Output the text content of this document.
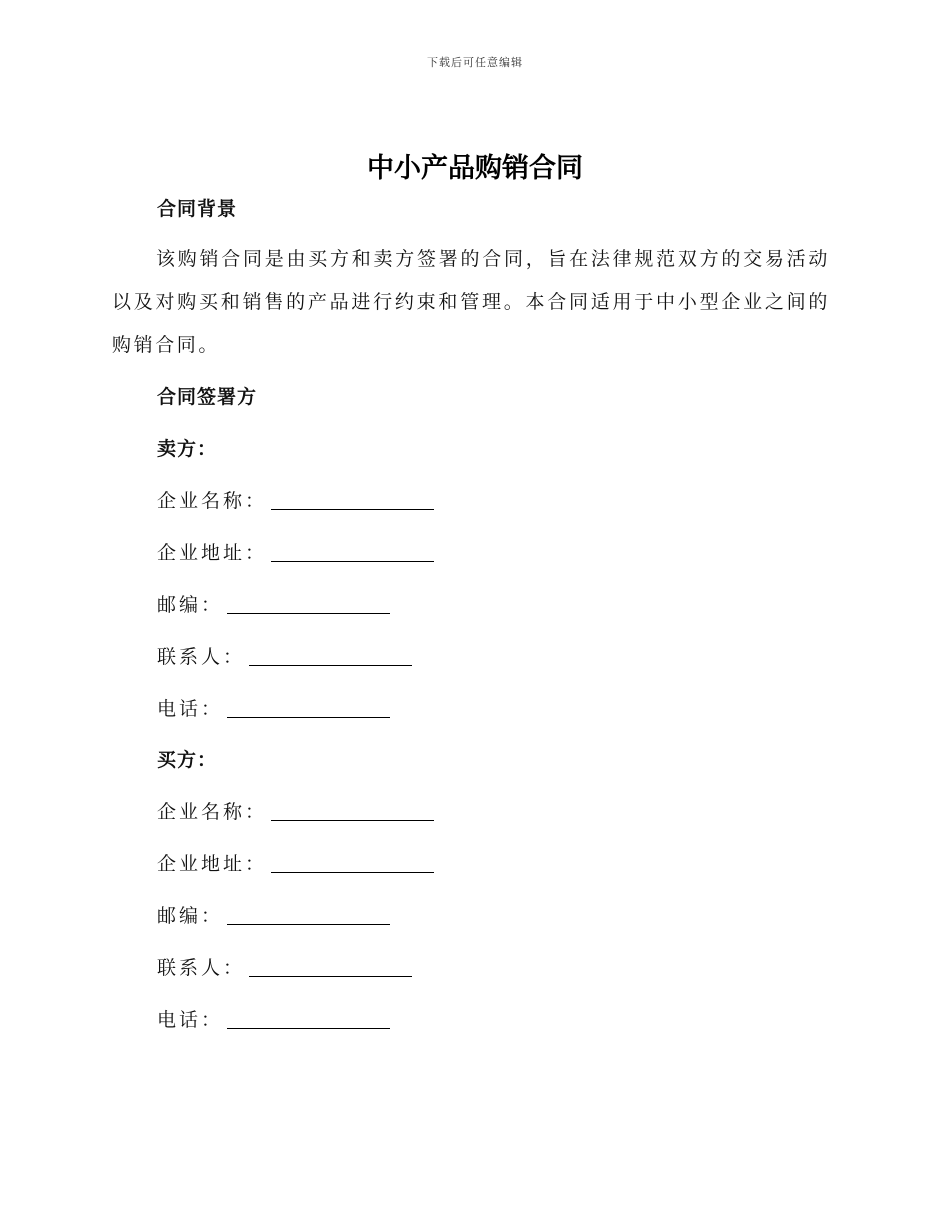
下载后可任意编辑
中小产品购销合同
合同背景
该购销合同是由买方和卖方签署的合同，旨在法律规范双方的交易活动以及对购买和销售的产品进行约束和管理。本合同适用于中小型企业之间的购销合同。
合同签署方
卖方：
企业名称：
企业地址：
邮编：
联系人：
电话：
买方：
企业名称：
企业地址：
邮编：
联系人：
电话：
